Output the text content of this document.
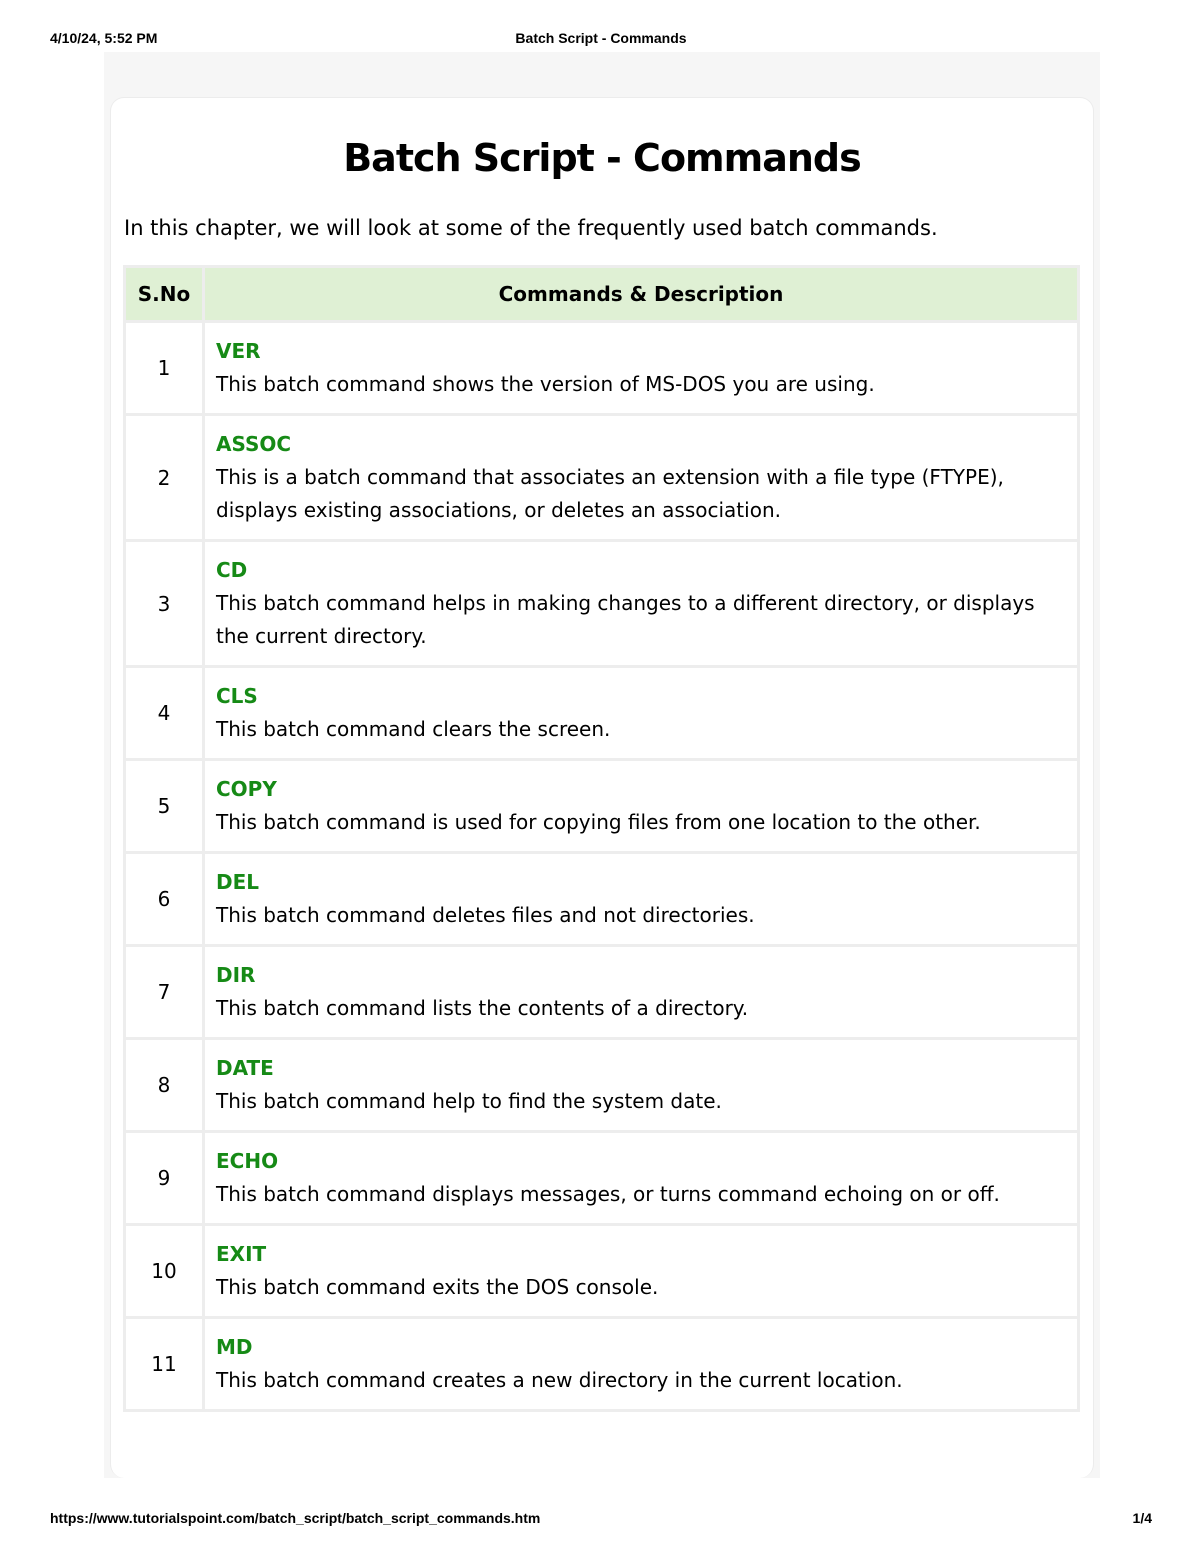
Batch Script - Commands
4/10/24, 5:52 PM
Batch Script - Commands

In this chapter, we will look at some of the frequently used batch commands.

S.No	Commands & Description
1	VER
This batch command shows the version of MS-DOS you are using.

2	ASSOC
This is a batch command that associates an extension with a file type (FTYPE), displays existing associations, or deletes an association.

3	CD
This batch command helps in making changes to a different directory, or displays the current directory.

4	CLS
This batch command clears the screen.

5	COPY
This batch command is used for copying files from one location to the other.

6	DEL
This batch command deletes files and not directories.

7	DIR
This batch command lists the contents of a directory.

8	DATE
This batch command help to find the system date.

9	ECHO
This batch command displays messages, or turns command echoing on or off.

10	EXIT
This batch command exits the DOS console.

11	MD
This batch command creates a new directory in the current location.
https://www.tutorialspoint.com/batch_script/batch_script_commands.htm	1/4
